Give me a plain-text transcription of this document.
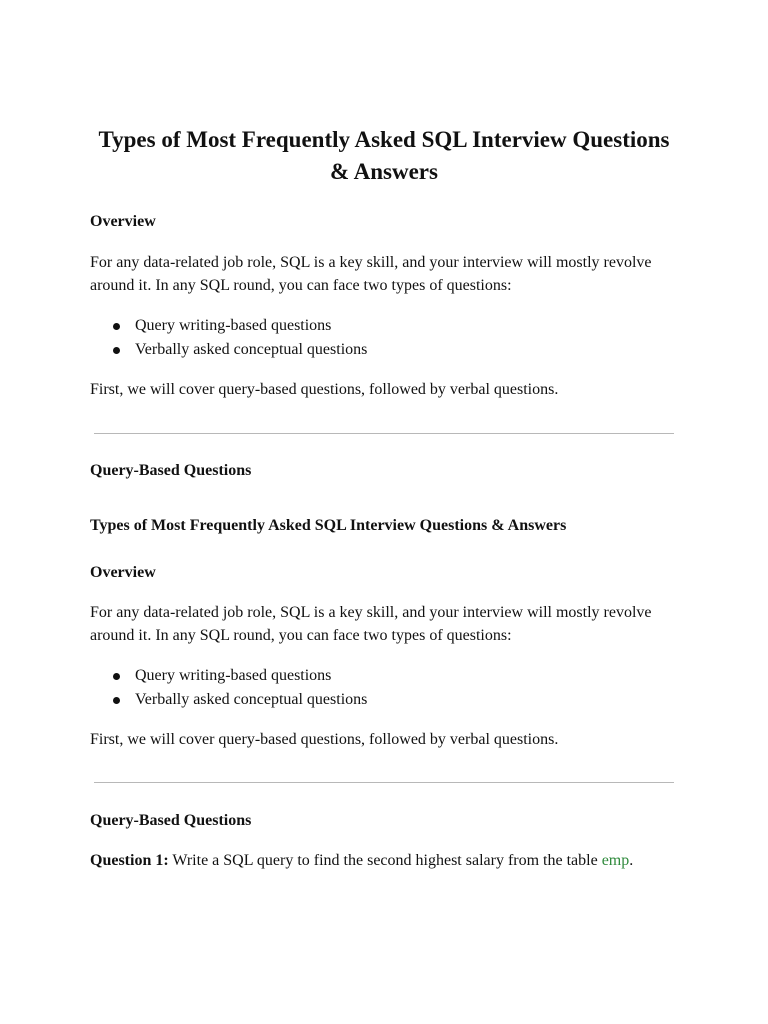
Types of Most Frequently Asked SQL Interview Questions & Answers
Overview

For any data-related job role, SQL is a key skill, and your interview will mostly revolve around it. In any SQL round, you can face two types of questions:

Query writing-based questions
Verbally asked conceptual questions

First, we will cover query-based questions, followed by verbal questions.

Query-Based Questions
Types of Most Frequently Asked SQL Interview Questions & Answers
Overview

For any data-related job role, SQL is a key skill, and your interview will mostly revolve around it. In any SQL round, you can face two types of questions:

Query writing-based questions
Verbally asked conceptual questions

First, we will cover query-based questions, followed by verbal questions.

Query-Based Questions

Question 1: Write a SQL query to find the second highest salary from the table emp.
